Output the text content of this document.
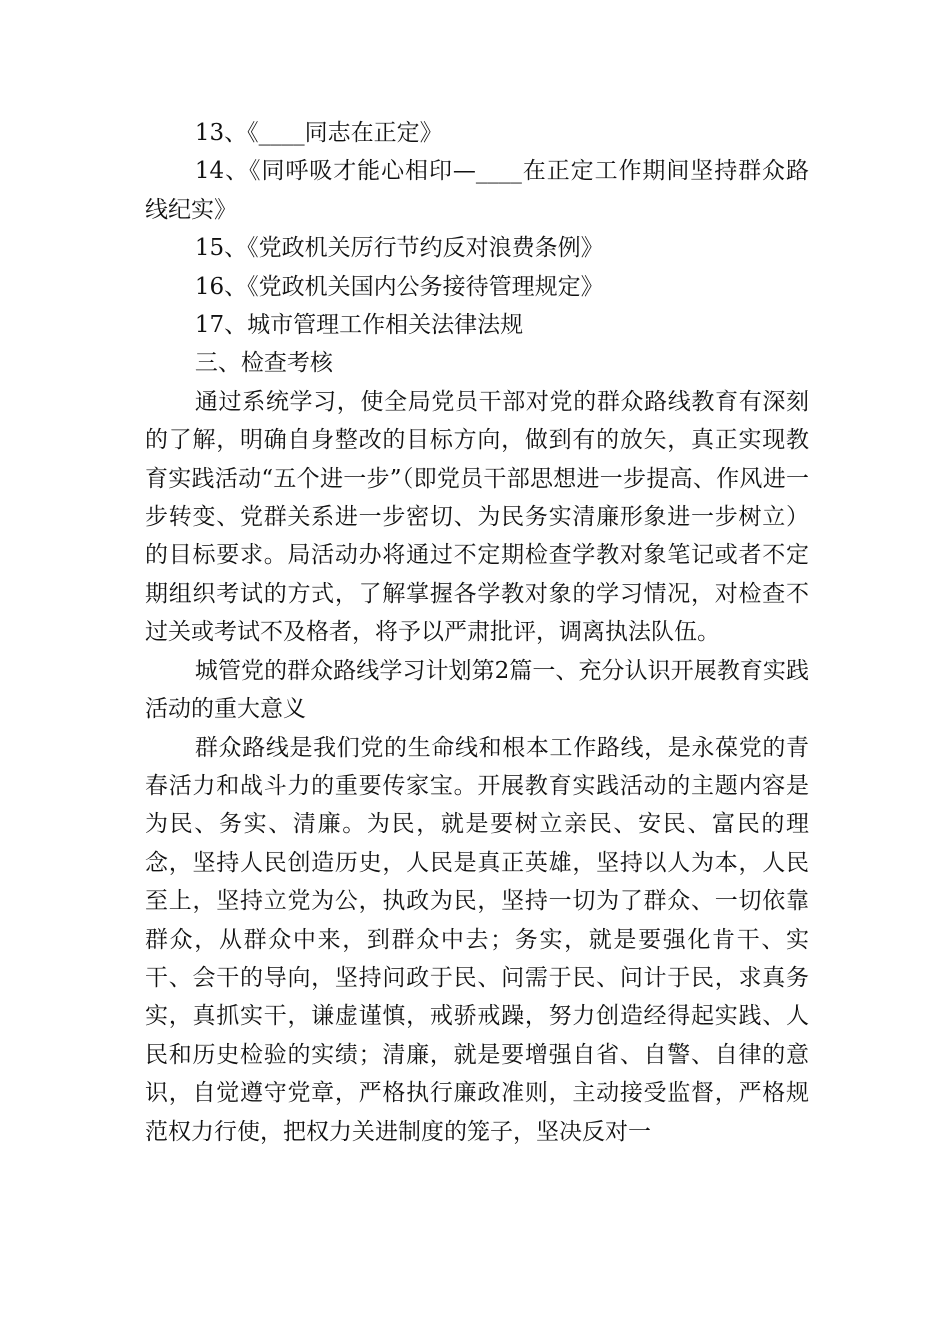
13、《____同志在正定》

14、《同呼吸才能心相印—____在正定工作期间坚持群众路线纪实》

15、《党政机关厉行节约反对浪费条例》

16、《党政机关国内公务接待管理规定》

17、城市管理工作相关法律法规

三、检查考核

通过系统学习，使全局党员干部对党的群众路线教育有深刻的了解，明确自身整改的目标方向，做到有的放矢，真正实现教育实践活动“五个进一步”（即党员干部思想进一步提高、作风进一步转变、党群关系进一步密切、为民务实清廉形象进一步树立）的目标要求。局活动办将通过不定期检查学教对象笔记或者不定期组织考试的方式，了解掌握各学教对象的学习情况，对检查不过关或考试不及格者，将予以严肃批评，调离执法队伍。

城管党的群众路线学习计划第2篇一、充分认识开展教育实践活动的重大意义

群众路线是我们党的生命线和根本工作路线，是永葆党的青春活力和战斗力的重要传家宝。开展教育实践活动的主题内容是为民、务实、清廉。为民，就是要树立亲民、安民、富民的理念，坚持人民创造历史，人民是真正英雄，坚持以人为本，人民至上，坚持立党为公，执政为民，坚持一切为了群众、一切依靠群众，从群众中来，到群众中去；务实，就是要强化肯干、实干、会干的导向，坚持问政于民、问需于民、问计于民，求真务实，真抓实干，谦虚谨慎，戒骄戒躁，努力创造经得起实践、人民和历史检验的实绩；清廉，就是要增强自省、自警、自律的意识，自觉遵守党章，严格执行廉政准则，主动接受监督，严格规范权力行使，把权力关进制度的笼子，坚决反对一
